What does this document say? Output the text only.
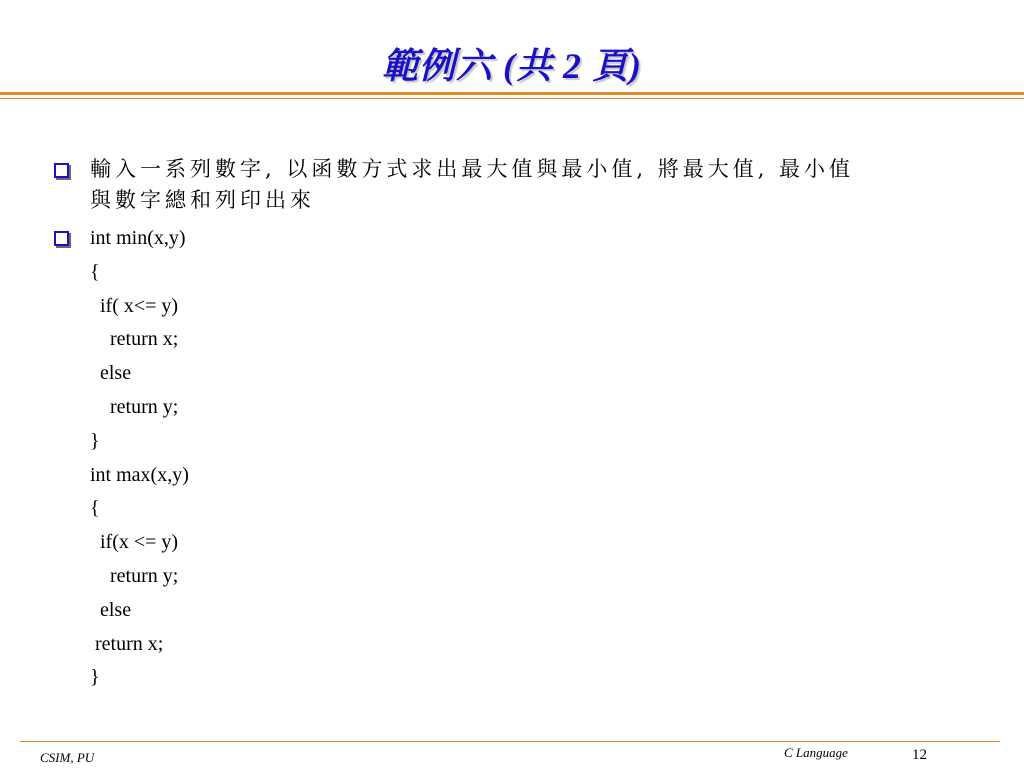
範例六 (共 2 頁)
輸入一系列數字, 以函數方式求出最大值與最小值, 將最大值, 最小值
與數字總和列印出來
int min(x,y)
{
if( x<= y)
return x;
else
return y;
}
int max(x,y)
{
if(x <= y)
return y;
else
return x;
}
CSIM, PU	C Language	12
